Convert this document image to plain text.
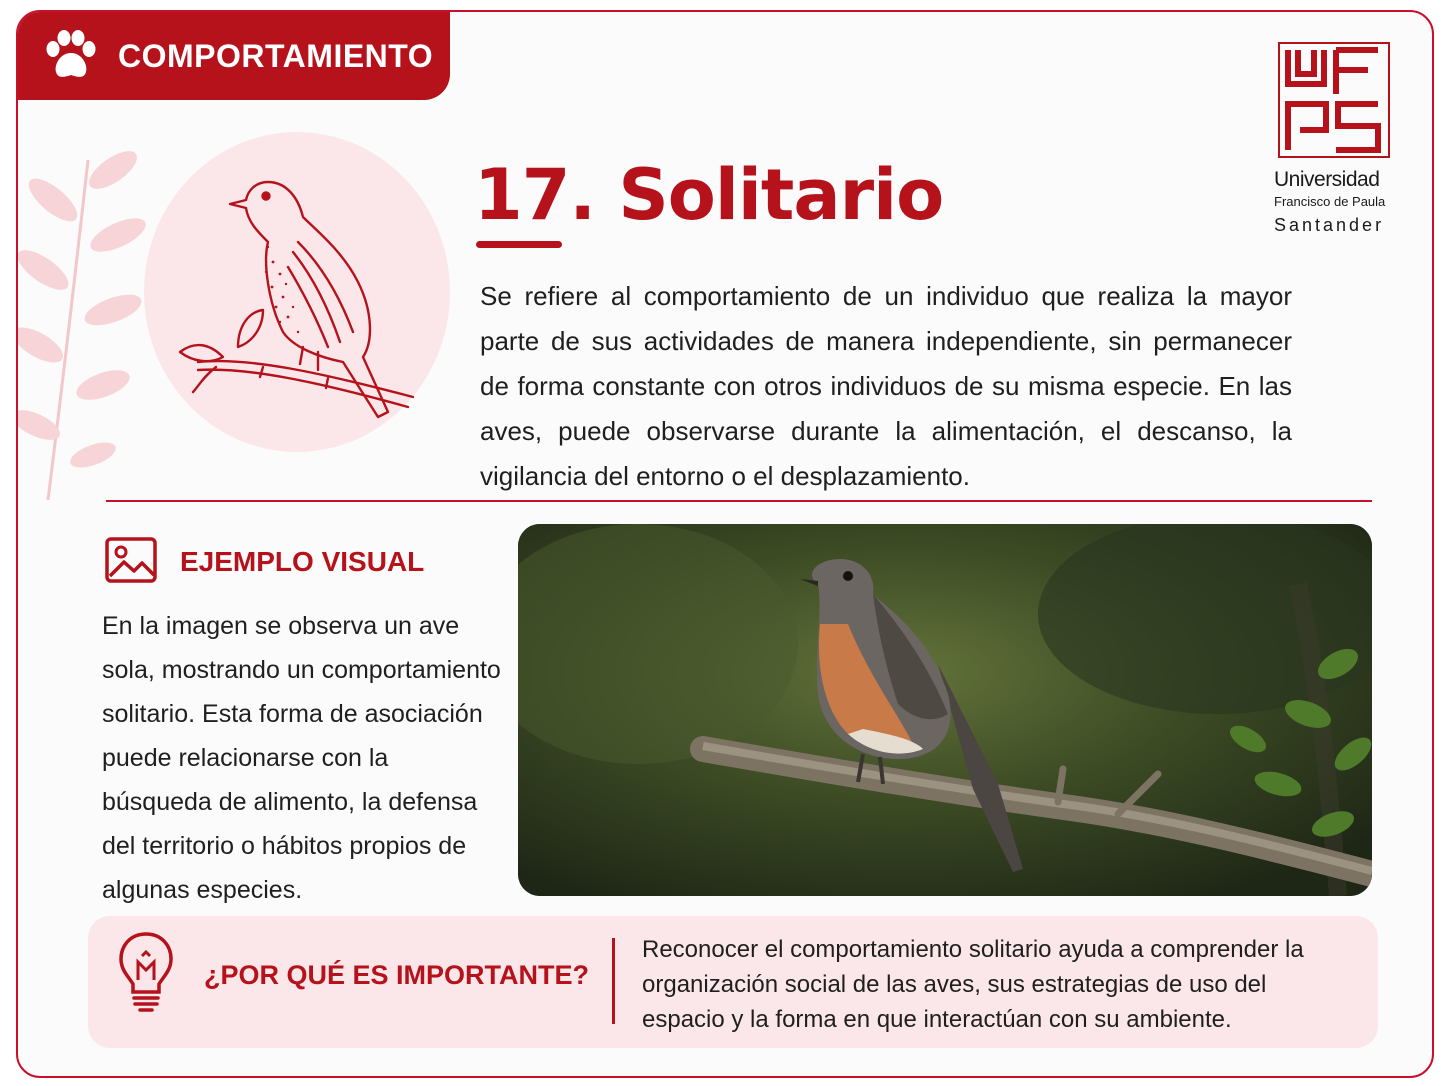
COMPORTAMIENTO
17. Solitario	Universidad
Francisco de Paula
Santander

Se refiere al comportamiento de un individuo que realiza la mayor parte de sus actividades de manera independiente, sin permanecer de forma constante con otros individuos de su misma especie. En las aves, puede observarse durante la alimentación, el descanso, la vigilancia del entorno o el desplazamiento.

EJEMPLO VISUAL

En la imagen se observa un ave sola, mostrando un comportamiento solitario. Esta forma de asociación puede relacionarse con la búsqueda de alimento, la defensa del territorio o hábitos propios de algunas especies.

¿POR QUÉ ES IMPORTANTE?

Reconocer el comportamiento solitario ayuda a comprender la organización social de las aves, sus estrategias de uso del espacio y la forma en que interactúan con su ambiente.
